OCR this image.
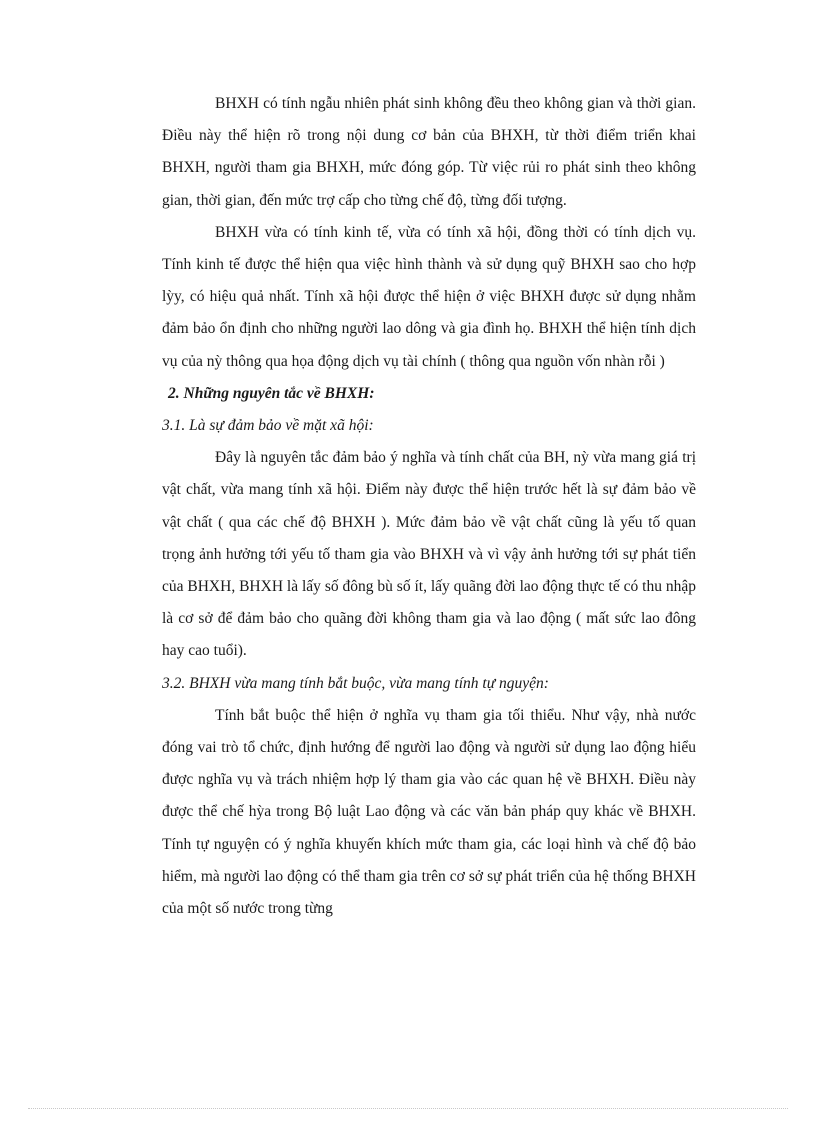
BHXH có tính ngẫu nhiên phát sinh không đều theo không gian và thời gian. Điều này thể hiện rõ trong nội dung cơ bản của BHXH, từ thời điểm triển khai BHXH, người tham gia BHXH, mức đóng góp. Từ việc rủi ro phát sinh theo không gian, thời gian, đến mức trợ cấp cho từng chế độ, từng đối tượng.

BHXH vừa có tính kinh tế, vừa có tính xã hội, đồng thời có tính dịch vụ. Tính kinh tế được thể hiện qua việc hình thành và sử dụng quỹ BHXH sao cho hợp lỳy, có hiệu quả nhất. Tính xã hội được thể hiện ở việc BHXH được sử dụng nhằm đảm bảo ổn định cho những người lao dông và gia đình họ. BHXH thể hiện tính dịch vụ của nỳ thông qua họa động dịch vụ tài chính ( thông qua nguồn vốn nhàn rỗi )

2. Những nguyên tắc về BHXH:

3.1. Là sự đảm bảo về mặt xã hội:

Đây là nguyên tắc đảm bảo ý nghĩa và tính chất của BH, nỳ vừa mang giá trị vật chất, vừa mang tính xã hội. Điểm này được thể hiện trước hết là sự đảm bảo về vật chất ( qua các chế độ BHXH ). Mức đảm bảo về vật chất cũng là yếu tố quan trọng ảnh hưởng tới yếu tố tham gia vào BHXH và vì vậy ảnh hưởng tới sự phát tiển của BHXH, BHXH là lấy số đông bù số ít, lấy quãng đời lao động thực tế có thu nhập là cơ sở để đảm bảo cho quãng đời không tham gia và lao động ( mất sức lao đông hay cao tuổi).

3.2. BHXH vừa mang tính bắt buộc, vừa mang tính tự nguyện:

Tính bắt buộc thể hiện ở nghĩa vụ tham gia tối thiểu. Như vậy, nhà nước đóng vai trò tổ chức, định hướng để người lao động và người sử dụng lao động hiểu được nghĩa vụ và trách nhiệm hợp lý tham gia vào các quan hệ về BHXH. Điều này được thể chế hỳa trong Bộ luật Lao động và các văn bản pháp quy khác về BHXH. Tính tự nguyện có ý nghĩa khuyến khích mức tham gia, các loại hình và chế độ bảo hiểm, mà người lao động có thể tham gia trên cơ sở sự phát triển của hệ thống BHXH của một số nước trong từng
